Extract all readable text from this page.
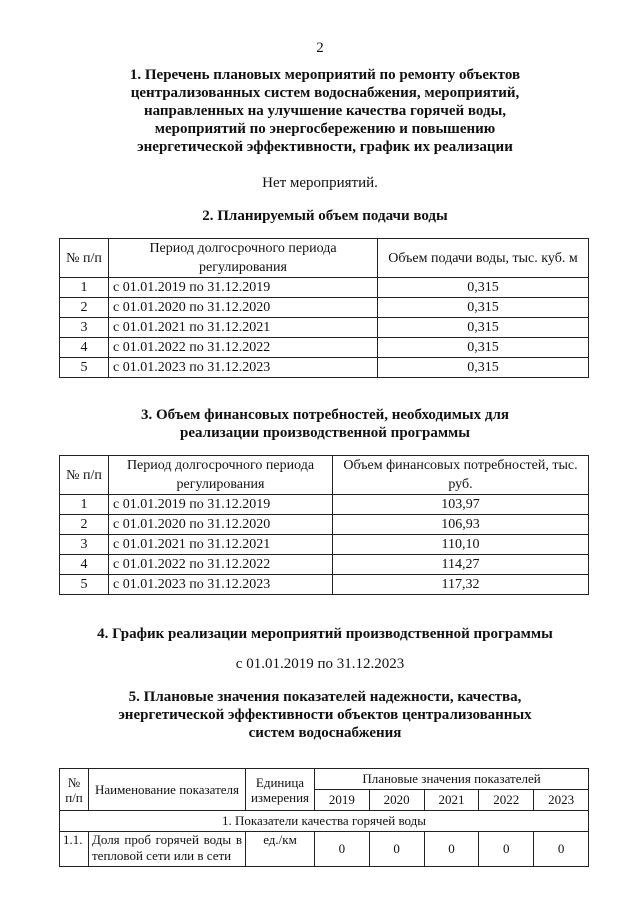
2
1. Перечень плановых мероприятий по ремонту объектов
централизованных систем водоснабжения, мероприятий,
направленных на улучшение качества горячей воды,
мероприятий по энергосбережению и повышению
энергетической эффективности, график их реализации
Нет мероприятий.
2. Планируемый объем подачи воды
№ п/п	Период долгосрочного периода регулирования	Объем подачи воды, тыс. куб. м
1	с 01.01.2019 по 31.12.2019	0,315
2	с 01.01.2020 по 31.12.2020	0,315
3	с 01.01.2021 по 31.12.2021	0,315
4	с 01.01.2022 по 31.12.2022	0,315
5	с 01.01.2023 по 31.12.2023	0,315
3. Объем финансовых потребностей, необходимых для
реализации производственной программы
№ п/п	Период долгосрочного периода регулирования	Объем финансовых потребностей, тыс. руб.
1	с 01.01.2019 по 31.12.2019	103,97
2	с 01.01.2020 по 31.12.2020	106,93
3	с 01.01.2021 по 31.12.2021	110,10
4	с 01.01.2022 по 31.12.2022	114,27
5	с 01.01.2023 по 31.12.2023	117,32
4. График реализации мероприятий производственной программы
с 01.01.2019 по 31.12.2023
5. Плановые значения показателей надежности, качества,
энергетической эффективности объектов централизованных
систем водоснабжения
№ п/п	Наименование показателя	Единица измерения	Плановые значения показателей				
			2019	2020	2021	2022	2023
1. Показатели качества горячей воды							
1.1.	Доля проб горячей воды в тепловой сети или в сети	ед./км	0	0	0	0	0
